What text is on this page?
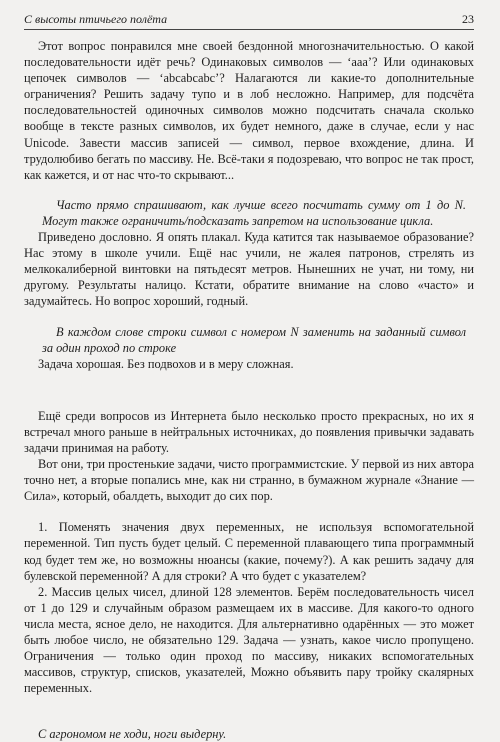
С высоты птичьего полёта	23

Этот вопрос понравился мне своей бездонной многозначительностью. О какой последовательности идёт речь? Одинаковых символов — ‘aaa’? Или одинаковых цепочек символов — ‘abcabcabc’? Налагаются ли какие-то дополнительные ограничения? Решить задачу тупо и в лоб несложно. Например, для подсчёта последовательностей одиночных символов можно подсчитать сначала сколько вообще в тексте разных символов, их будет немного, даже в случае, если у нас Unicode. Завести массив записей — символ, первое вхождение, длина. И трудолюбиво бегать по массиву. Не. Всё-таки я подозреваю, что вопрос не так прост, как кажется, и от нас что-то скрывают...

Часто прямо спрашивают, как лучше всего посчитать сумму от 1 до N. Могут также ограничить/подсказать запретом на использование цикла.

Приведено дословно. Я опять плакал. Куда катится так называемое образование? Нас этому в школе учили. Ещё нас учили, не жалея патронов, стрелять из мелкокалиберной винтовки на пятьдесят метров. Нынешних не учат, ни тому, ни другому. Результаты налицо. Кстати, обратите внимание на слово «часто» и задумайтесь. Но вопрос хороший, годный.

В каждом слове строки символ с номером N заменить на заданный символ за один проход по строке

Задача хорошая. Без подвохов и в меру сложная.

Ещё среди вопросов из Интернета было несколько просто прекрасных, но их я встречал много раньше в нейтральных источниках, до появления привычки задавать задачи принимая на работу.

Вот они, три простенькие задачи, чисто программистские. У первой из них автора точно нет, а вторые попались мне, как ни странно, в бумажном журнале «Знание — Сила», который, обалдеть, выходит до сих пор.

1. Поменять значения двух переменных, не используя вспомогательной переменной. Тип пусть будет целый. С переменной плавающего типа программный код будет тем же, но возможны нюансы (какие, почему?). А как решить задачу для булевской переменной? А для строки? А что будет с указателем?

2. Массив целых чисел, длиной 128 элементов. Берём последовательность чисел от 1 до 129 и случайным образом размещаем их в массиве. Для какого-то одного числа места, ясное дело, не находится. Для альтернативно одарённых — это может быть любое число, не обязательно 129. Задача — узнать, какое число пропущено. Ограничения — только один проход по массиву, никаких вспомогательных массивов, структур, списков, указателей, Можно объявить пару тройку скалярных переменных.

С агрономом не ходи, ноги выдерну.
